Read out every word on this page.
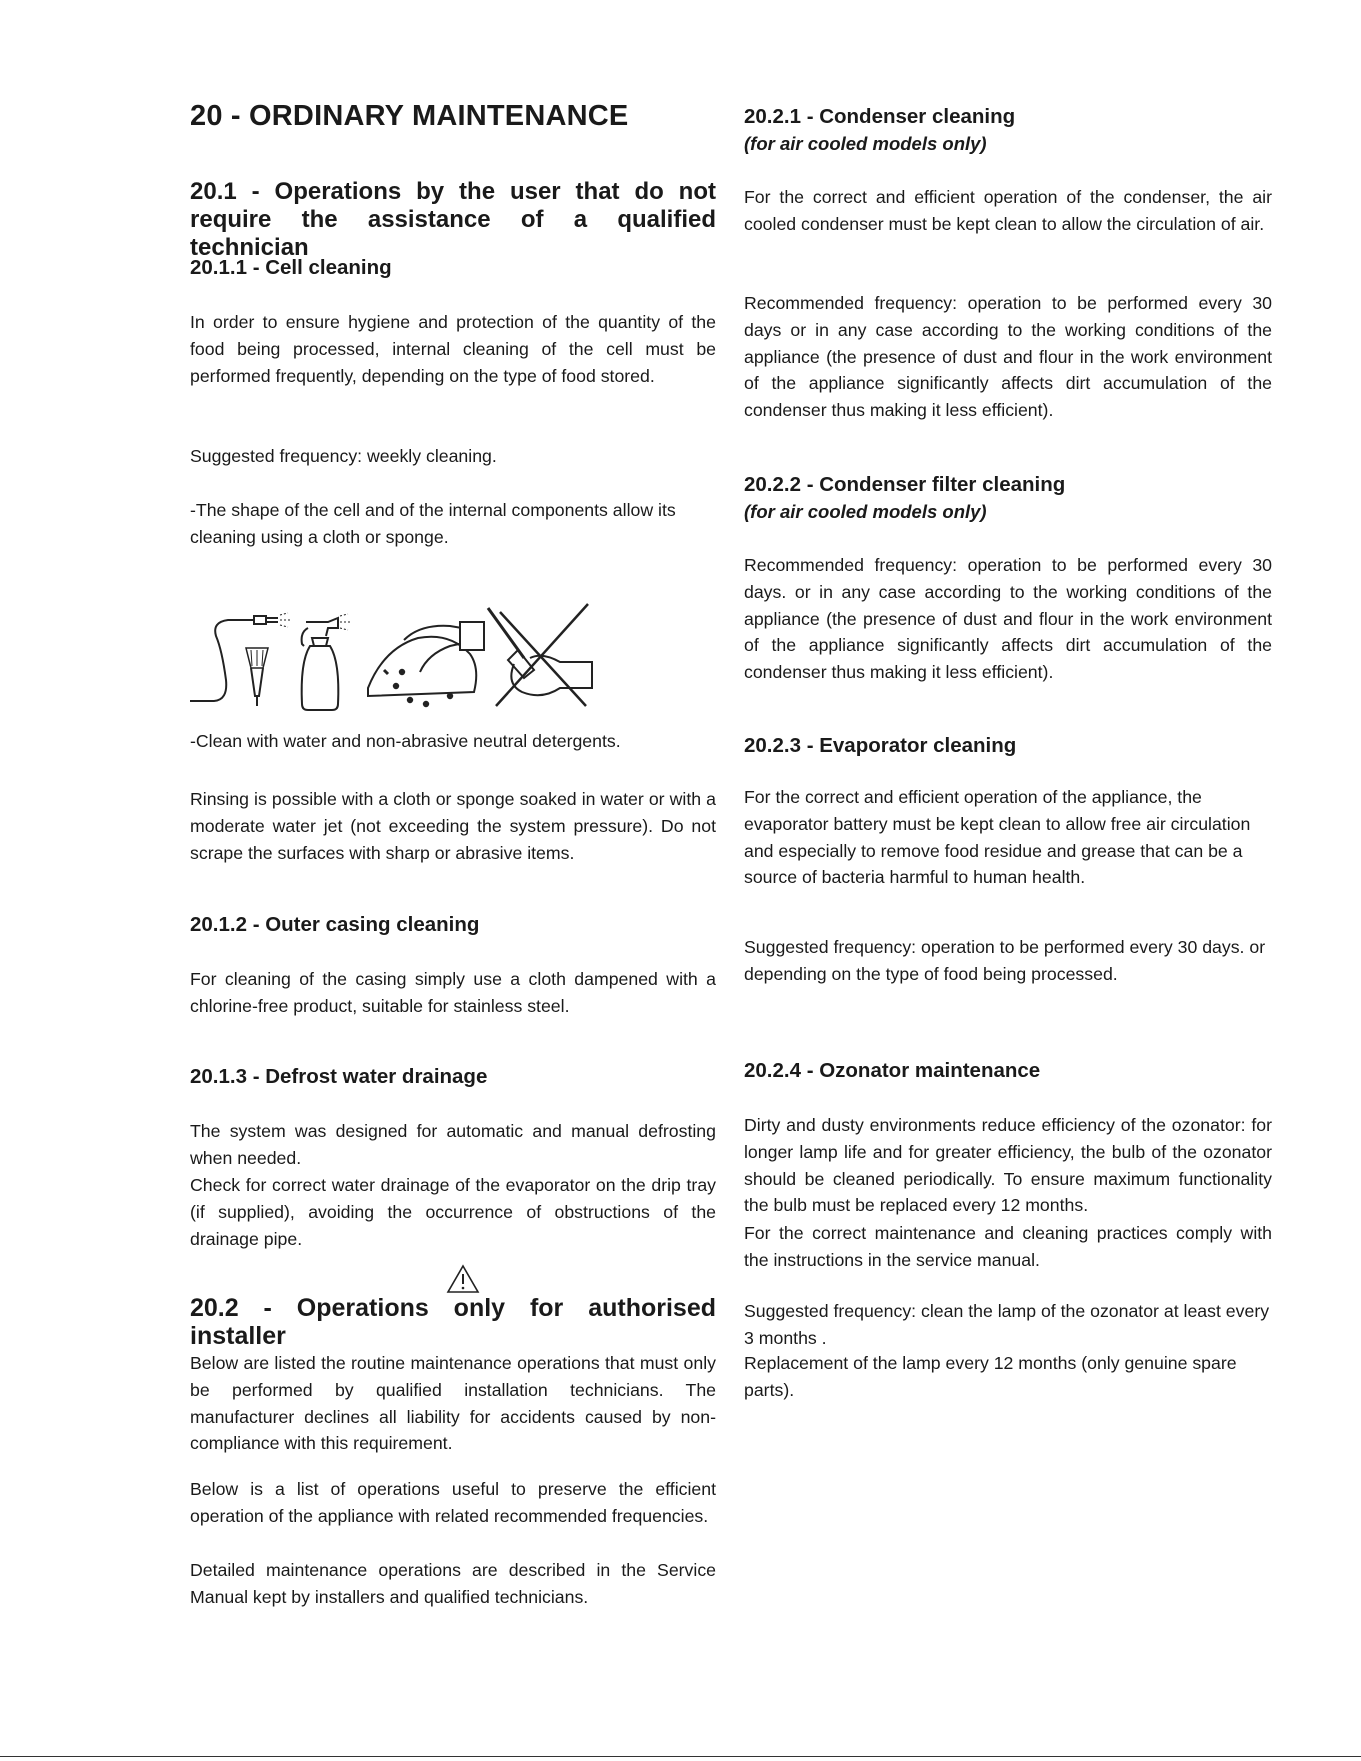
20 - ORDINARY MAINTENANCE
20.1 - Operations by the user that do not require the assistance of a qualified technician
20.1.1 - Cell cleaning

In order to ensure hygiene and protection of the quantity of the food being processed, internal cleaning of the cell must be performed frequently, depending on the type of food stored.

Suggested frequency: weekly cleaning.

-The shape of the cell and of the internal components allow its cleaning using a cloth or sponge.

-Clean with water and non-abrasive neutral detergents.

Rinsing is possible with a cloth or sponge soaked in water or with a moderate water jet (not exceeding the system pressure). Do not scrape the surfaces with sharp or abrasive items.

20.1.2 - Outer casing cleaning

For cleaning of the casing simply use a cloth dampened with a chlorine-free product, suitable for stainless steel.

20.1.3 - Defrost water drainage

The system was designed for automatic and manual defrosting when needed.

Check for correct water drainage of the evaporator on the drip tray (if supplied), avoiding the occurrence of obstructions of the drainage pipe.

20.2 - Operations only for authorised installer

Below are listed the routine maintenance operations that must only be performed by qualified installation technicians. The manufacturer declines all liability for accidents caused by non-compliance with this requirement.

Below is a list of operations useful to preserve the efficient operation of the appliance with related recommended frequencies.

Detailed maintenance operations are described in the Service Manual kept by installers and qualified technicians.

20.2.1 - Condenser cleaning

(for air cooled models only)

For the correct and efficient operation of the condenser, the air cooled condenser must be kept clean to allow the circulation of air.

Recommended frequency: operation to be performed every 30 days or in any case according to the working conditions of the appliance (the presence of dust and flour in the work environment of the appliance significantly affects dirt accumulation of the condenser thus making it less efficient).

20.2.2 - Condenser filter cleaning

(for air cooled models only)

Recommended frequency: operation to be performed every 30 days. or in any case according to the working conditions of the appliance (the presence of dust and flour in the work environment of the appliance significantly affects dirt accumulation of the condenser thus making it less efficient).

20.2.3 - Evaporator cleaning

For the correct and efficient operation of the appliance, the evaporator battery must be kept clean to allow free air circulation and especially to remove food residue and grease that can be a source of bacteria harmful to human health.

Suggested frequency: operation to be performed every 30 days. or depending on the type of food being processed.

20.2.4 - Ozonator maintenance

Dirty and dusty environments reduce efficiency of the ozonator: for longer lamp life and for greater efficiency, the bulb of the ozonator should be cleaned periodically. To ensure maximum functionality the bulb must be replaced every 12 months.

For the correct maintenance and cleaning practices comply with the instructions in the service manual.

Suggested frequency: clean the lamp of the ozonator at least every 3 months .

Replacement of the lamp every 12 months (only genuine spare parts).
